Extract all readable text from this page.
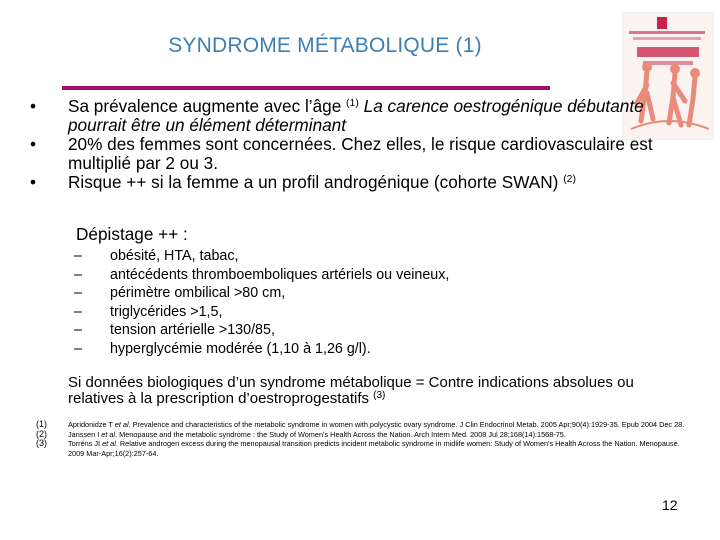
SYNDROME MÉTABOLIQUE (1)
• Sa prévalence augmente avec l’âge $^{(1)}$ La carence oestrogénique débutante pourrait être un élément déterminant
• 20% des femmes sont concernées. Chez elles, le risque cardiovasculaire est multiplié par 2 ou 3.
• Risque ++ si la femme a un profil androgénique (cohorte SWAN) $^{(2)}$
Dépistage ++ :
– obésité, HTA, tabac,
– antécédents thromboemboliques artériels ou veineux,
– périmètre ombilical >80 cm,
– triglycérides >1,5,
– tension artérielle >130/85,
– hyperglycémie modérée (1,10 à 1,26 g/l).
Si données biologiques d’un syndrome métabolique = Contre indications absolues ou relatives à la prescription d’oestroprogestatifs $^{(3)}$
(1)	Apridonidze T et al. Prevalence and characteristics of the metabolic syndrome in women with polycystic ovary syndrome. J Clin Endocrinol Metab. 2005 Apr;90(4):1929-35. Epub 2004 Dec 28.
(2)	Janssen I et al. Menopause and the metabolic syndrome : the Study of Women’s Health Across the Nation. Arch Intern Med. 2008 Jul 28;168(14):1568-75.
(3)	Torréns JI et al. Relative androgen excess during the menopausal transition predicts incident metabolic syndrome in midlife women: Study of Women's Health Across the Nation. Menopause. 2009 Mar-Apr;16(2):257-64.
12
